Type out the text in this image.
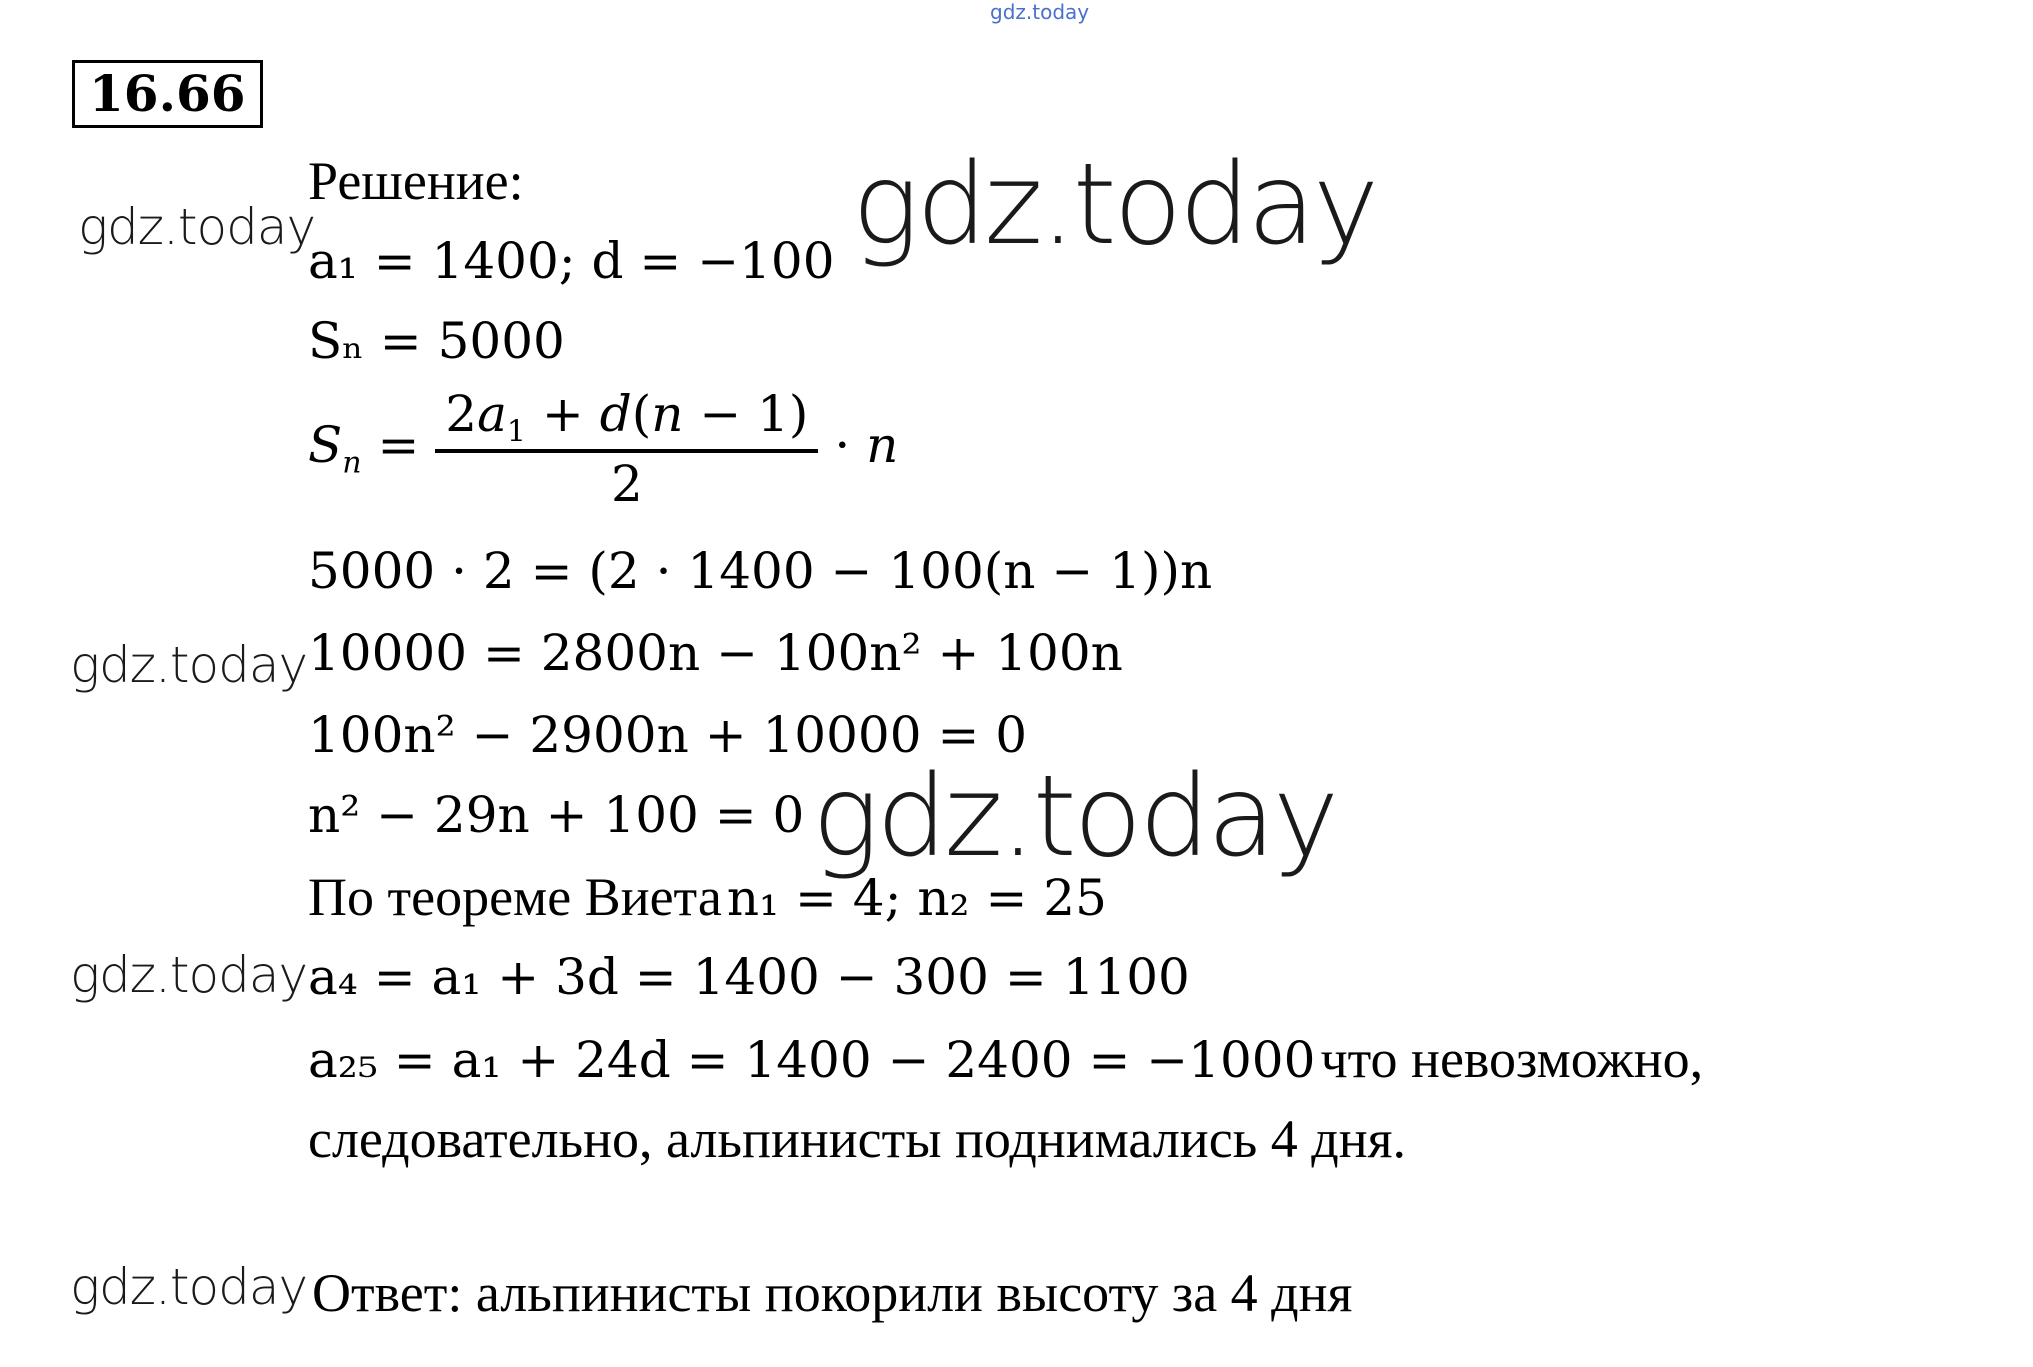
gdz.today
16.66
Решение:
gdz.today	gdz.today
gdz.today
gdz.today
gdz.today
gdz.today
a₁ = 1400; d = −100
Sₙ = 5000
$S_n = \frac{2a_1 + d(n - 1)}{2} \cdot n$
5000 · 2 = (2 · 1400 − 100(n − 1))n
10000 = 2800n − 100n² + 100n
100n² − 2900n + 10000 = 0
n² − 29n + 100 = 0
По теореме Виета n₁ = 4; n₂ = 25
a₄ = a₁ + 3d = 1400 − 300 = 1100
a₂₅ = a₁ + 24d = 1400 − 2400 = −1000 что невозможно,
следовательно, альпинисты поднимались 4 дня.
Ответ: альпинисты покорили высоту за 4 дня
